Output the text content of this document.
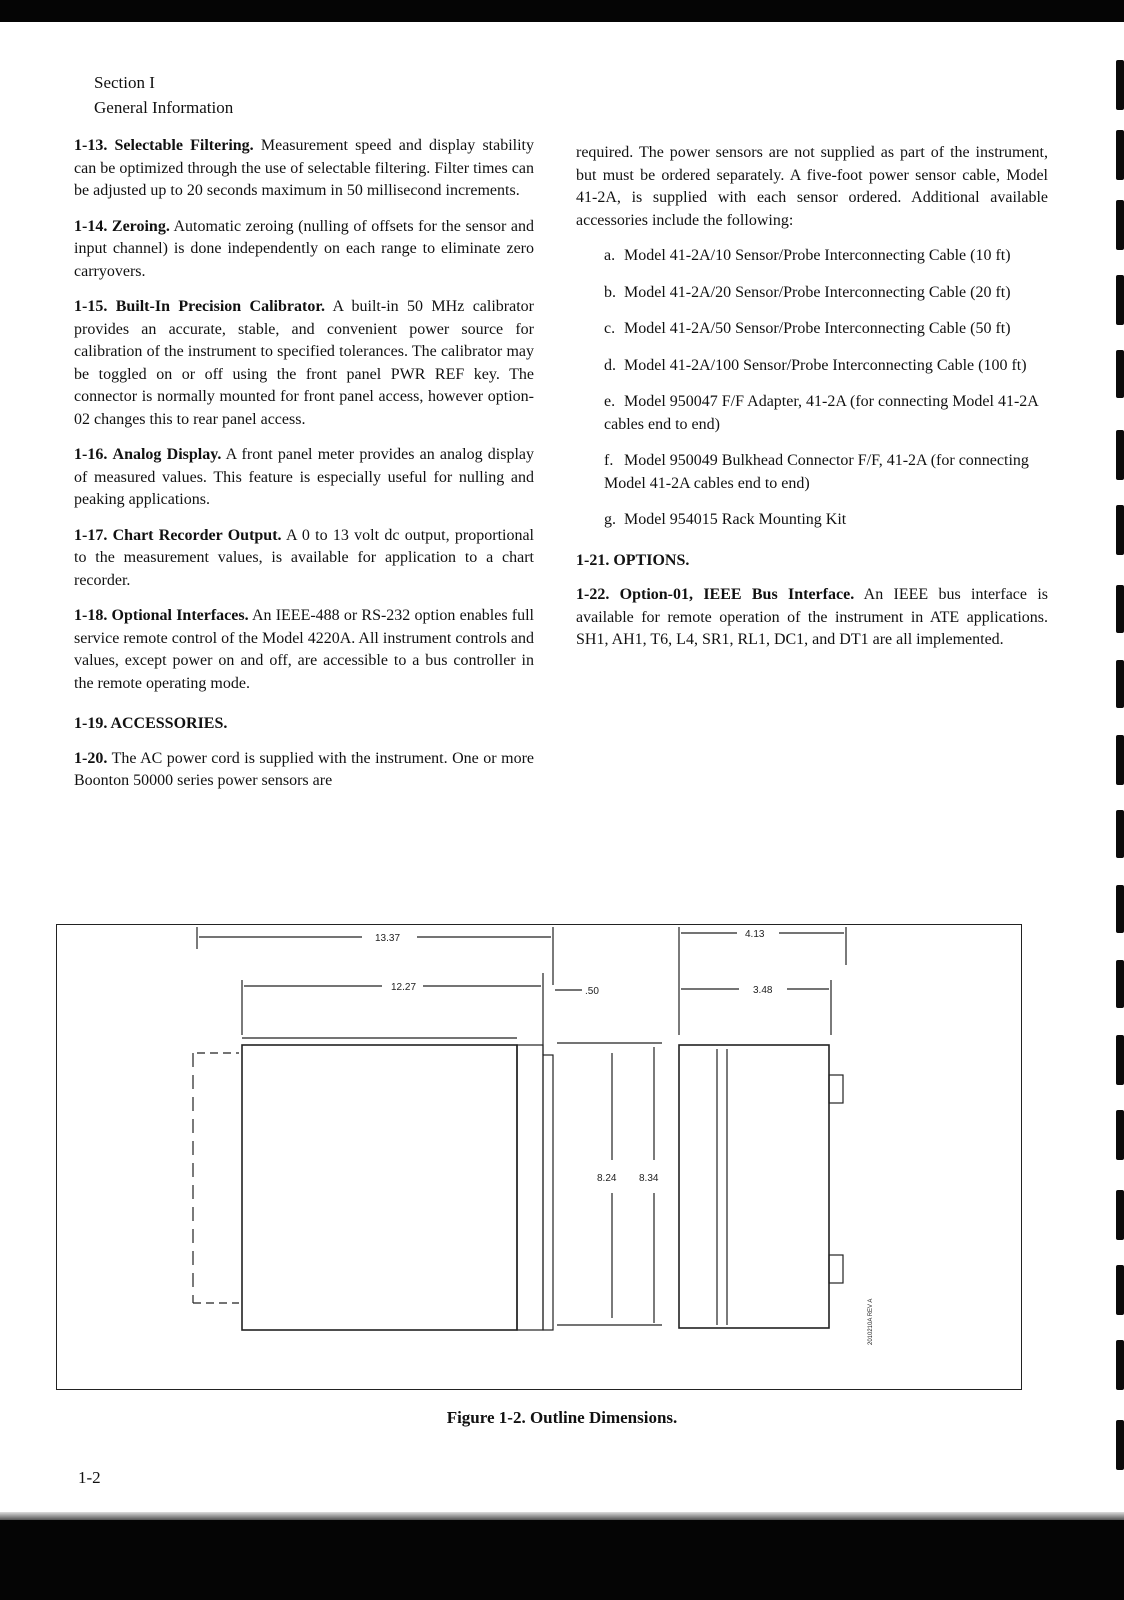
Section I
General Information

1-13. Selectable Filtering. Measurement speed and display stability can be optimized through the use of selectable filtering. Filter times can be adjusted up to 20 seconds maximum in 50 millisecond increments.

1-14. Zeroing. Automatic zeroing (nulling of offsets for the sensor and input channel) is done independently on each range to eliminate zero carryovers.

1-15. Built-In Precision Calibrator. A built-in 50 MHz calibrator provides an accurate, stable, and convenient power source for calibration of the instrument to specified tolerances. The calibrator may be toggled on or off using the front panel PWR REF key. The connector is normally mounted for front panel access, however option-02 changes this to rear panel access.

1-16. Analog Display. A front panel meter provides an analog display of measured values. This feature is especially useful for nulling and peaking applications.

1-17. Chart Recorder Output. A 0 to 13 volt dc output, proportional to the measurement values, is available for application to a chart recorder.

1-18. Optional Interfaces. An IEEE-488 or RS-232 option enables full service remote control of the Model 4220A. All instrument controls and values, except power on and off, are accessible to a bus controller in the remote operating mode.

1-19. ACCESSORIES.

1-20. The AC power cord is supplied with the instrument. One or more Boonton 50000 series power sensors are

required. The power sensors are not supplied as part of the instrument, but must be ordered separately. A five-foot power sensor cable, Model 41-2A, is supplied with each sensor ordered. Additional available accessories include the following:

a. Model 41-2A/10 Sensor/Probe Interconnecting Cable (10 ft)

b. Model 41-2A/20 Sensor/Probe Interconnecting Cable (20 ft)

c. Model 41-2A/50 Sensor/Probe Interconnecting Cable (50 ft)

d. Model 41-2A/100 Sensor/Probe Interconnecting Cable (100 ft)

e. Model 950047 F/F Adapter, 41-2A (for connecting Model 41-2A cables end to end)

f. Model 950049 Bulkhead Connector F/F, 41-2A (for connecting Model 41-2A cables end to end)

g. Model 954015 Rack Mounting Kit

1-21. OPTIONS.

1-22. Option-01, IEEE Bus Interface. An IEEE bus interface is available for remote operation of the instrument in ATE applications. SH1, AH1, T6, L4, SR1, RL1, DC1, and DT1 are all implemented.

13.37
12.27	.50
8.24 8.34
4.13
3.48
2010210A REV A
Figure 1-2. Outline Dimensions.
1-2
